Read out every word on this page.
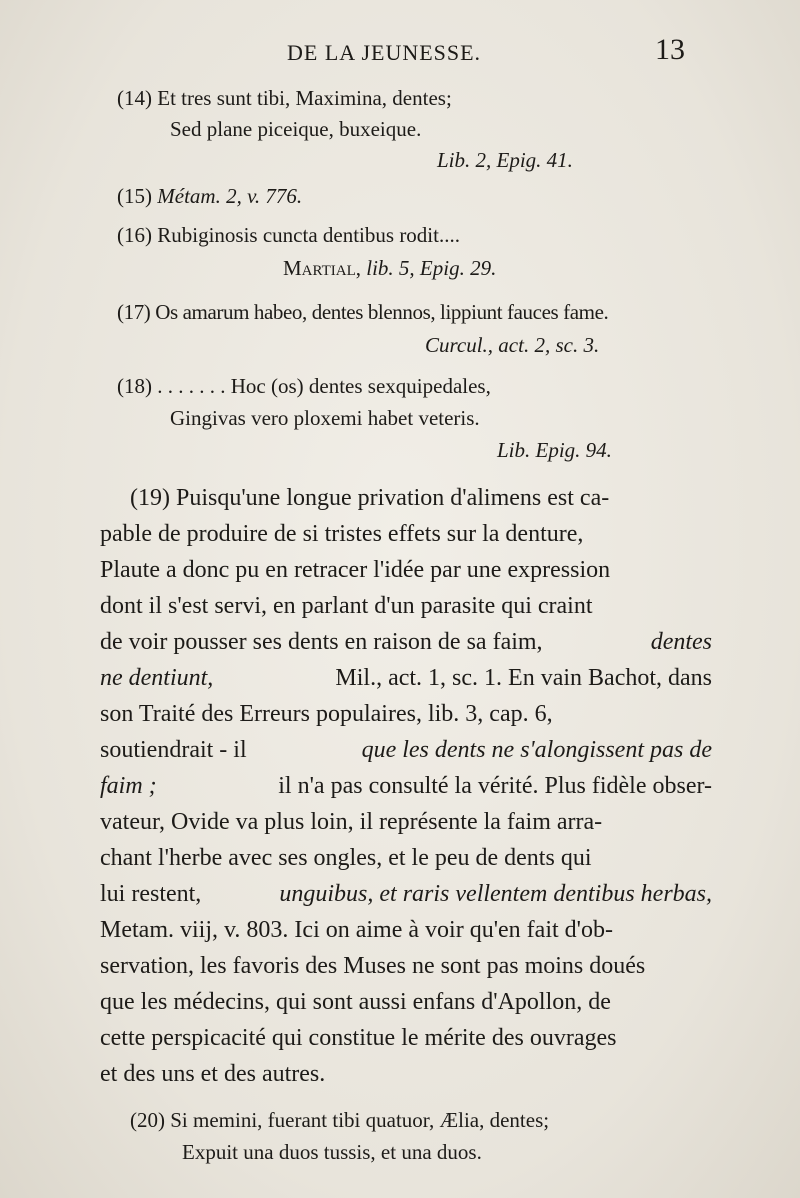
DE LA JEUNESSE.	13
(14) Et tres sunt tibi, Maximina, dentes;
Sed plane piceique, buxeique.
Lib. 2, Epig. 41.
(15) Métam. 2, v. 776.
(16) Rubiginosis cuncta dentibus rodit....
Martial, lib. 5, Epig. 29.
(17) Os amarum habeo, dentes blennos, lippiunt fauces fame.
Curcul., act. 2, sc. 3.
(18) . . . . . . . Hoc (os) dentes sexquipedales,
Gingivas vero ploxemi habet veteris.
Lib. Epig. 94.
(19) Puisqu'une longue privation d'alimens est ca-
pable de produire de si tristes effets sur la denture,
Plaute a donc pu en retracer l'idée par une expression
dont il s'est servi, en parlant d'un parasite qui craint
de voir pousser ses dents en raison de sa faim,	dentes
ne dentiunt,	Mil., act. 1, sc. 1. En vain Bachot, dans
son Traité des Erreurs populaires, lib. 3, cap. 6,
soutiendrait - il	que les dents ne s'alongissent pas de
faim ;	il n'a pas consulté la vérité. Plus fidèle obser-
vateur, Ovide va plus loin, il représente la faim arra-
chant l'herbe avec ses ongles, et le peu de dents qui
lui restent,	unguibus, et raris vellentem dentibus herbas,
Metam. viij, v. 803. Ici on aime à voir qu'en fait d'ob-
servation, les favoris des Muses ne sont pas moins doués
que les médecins, qui sont aussi enfans d'Apollon, de
cette perspicacité qui constitue le mérite des ouvrages
et des uns et des autres.
(20) Si memini, fuerant tibi quatuor, Ælia, dentes;
Expuit una duos tussis, et una duos.
